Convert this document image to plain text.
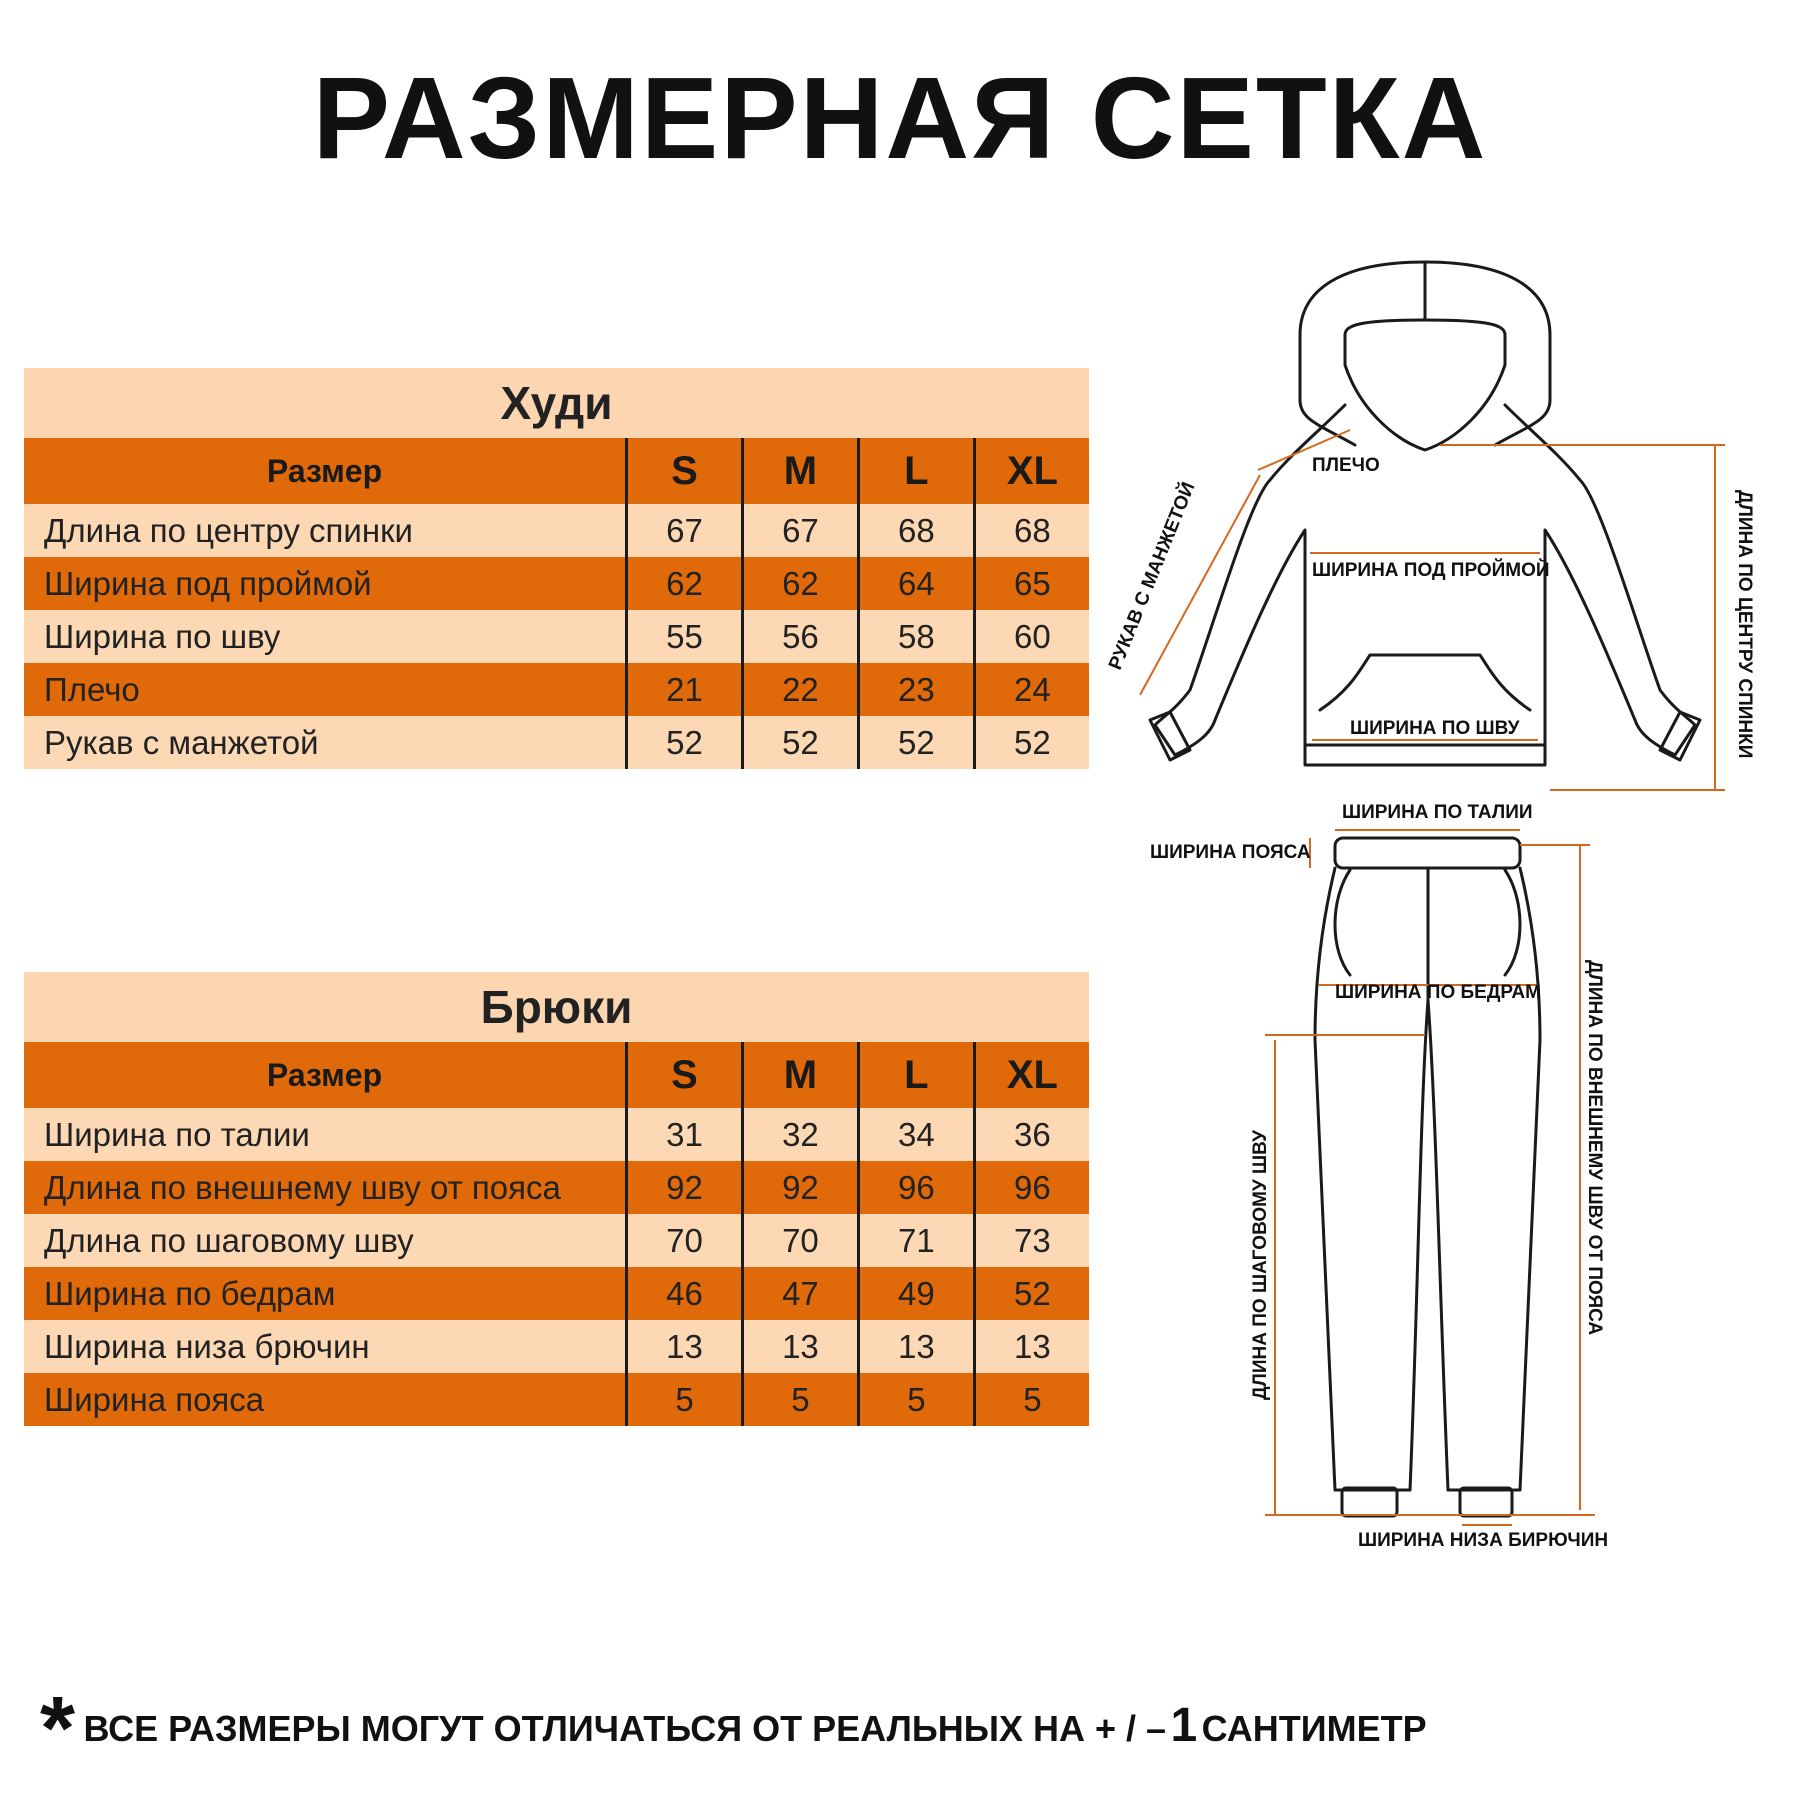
РАЗМЕРНАЯ СЕТКА
Худи				
Размер	S	M	L	XL
Длина по центру спинки	67	67	68	68
Ширина под проймой	62	62	64	65
Ширина по шву	55	56	58	60
Плечо	21	22	23	24
Рукав с манжетой	52	52	52	52
Брюки				
Размер	S	M	L	XL
Ширина по талии	31	32	34	36
Длина по внешнему шву от пояса	92	92	96	96
Длина по шаговому шву	70	70	71	73
Ширина по бедрам	46	47	49	52
Ширина низа брючин	13	13	13	13
Ширина пояса	5	5	5	5
ПЛЕЧО
РУКАВ С МАНЖЕТОЙ	ШИРИНА ПОД ПРОЙМОЙ
ШИРИНА ПО ШВУ	ДЛИНА ПО ЦЕНТРУ СПИНКИ
ШИРИНА ПО ТАЛИИ
ШИРИНА ПОЯСА
ШИРИНА ПО БЕДРАМ ДЛИНА ПО ВНЕШНЕМУ ШВУ ОТ ПОЯСА
ДЛИНА ПО ШАГОВОМУ ШВУ
ШИРИНА НИЗА БИРЮЧИН
* ВСЕ РАЗМЕРЫ МОГУТ ОТЛИЧАТЬСЯ ОТ РЕАЛЬНЫХ НА + / – 1 САНТИМЕТР
